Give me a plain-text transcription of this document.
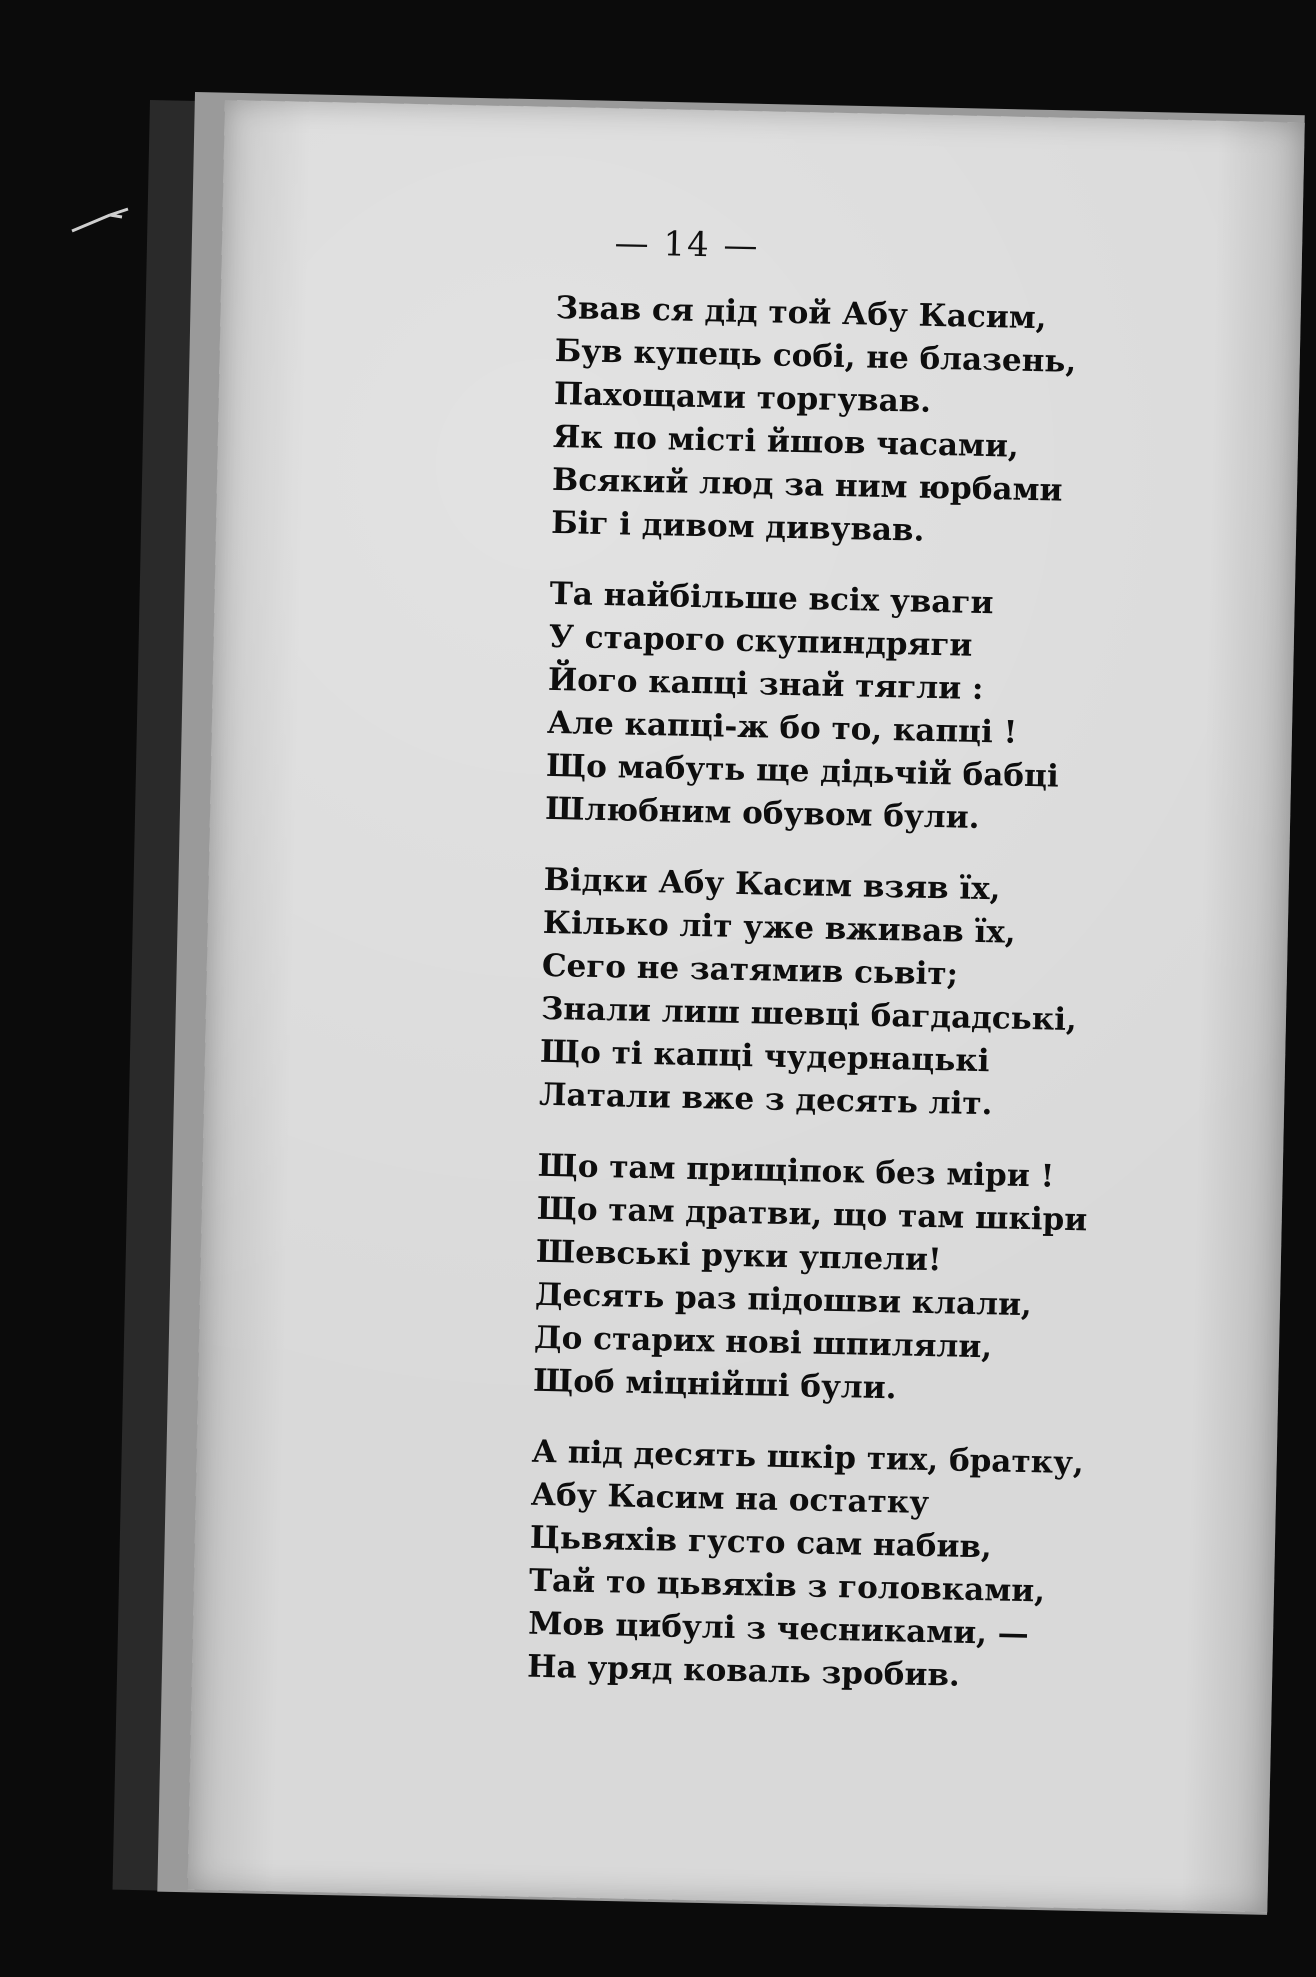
— 14 —
Звав ся дід той Абу Касим,
Був купець собі, не блазень,
Пахощами торгував.
Як по місті йшов часами,
Всякий люд за ним юрбами
Біг і дивом дивував.
Та найбільше всіх уваги
У старого скупиндряги
Його капці знай тягли :
Але капці-ж бо то, капці !
Що мабуть ще дідьчій бабці
Шлюбним обувом були.
Відки Абу Касим взяв їх,
Кілько літ уже вживав їх,
Сего не затямив сьвіт;
Знали лиш шевці багдадські,
Що ті капці чудернацькі
Латали вже з десять літ.
Що там прищіпок без міри !
Що там дратви, що там шкіри
Шевські руки уплели!
Десять раз підошви клали,
До старих нові шпиляли,
Щоб міцнійші були.
А під десять шкір тих, братку,
Абу Касим на остатку
Цьвяхів густо сам набив,
Тай то цьвяхів з головками,
Мов цибулі з чесниками, —
На уряд коваль зробив.
